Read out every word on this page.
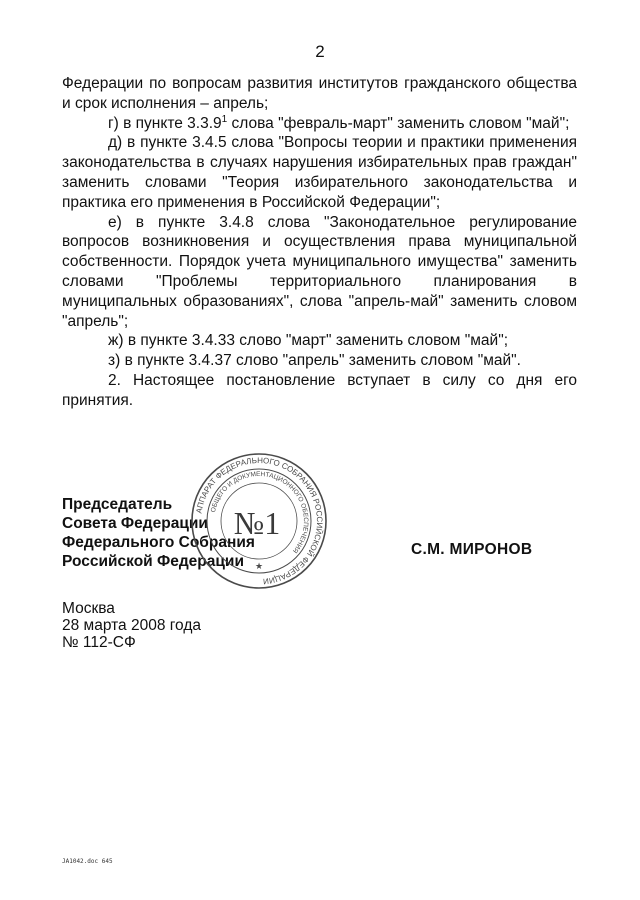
2

Федерации по вопросам развития институтов гражданского общества и срок исполнения – апрель;

г) в пункте 3.3.9$^1$ слова "февраль-март" заменить словом "май";

д) в пункте 3.4.5 слова "Вопросы теории и практики применения законодательства в случаях нарушения избирательных прав граждан" заменить словами "Теория избирательного законодательства и практика его применения в Российской Федерации";

е) в пункте 3.4.8 слова "Законодательное регулирование вопросов возникновения и осуществления права муниципальной собственности. Порядок учета муниципального имущества" заменить словами "Проблемы территориального планирования в муниципальных образованиях", слова "апрель-май" заменить словом "апрель";

ж) в пункте 3.4.33 слово "март" заменить словом "май";

з) в пункте 3.4.37 слово "апрель" заменить словом "май".

2. Настоящее постановление вступает в силу со дня его принятия.

Председатель
Совета Федерации
Федерального Собрания
Российской Федерации
АППАРАТ ФЕДЕРАЛЬНОГО СОБРАНИЯ РОССИЙСКОЙ ФЕДЕРАЦИИ
ОБЩЕГО И ДОКУМЕНТАЦИОННОГО ОБЕСПЕЧЕНИЯ
№1
★
С.М. МИРОНОВ
Москва
28 марта 2008 года
№ 112-СФ
JA1042.doc 645
